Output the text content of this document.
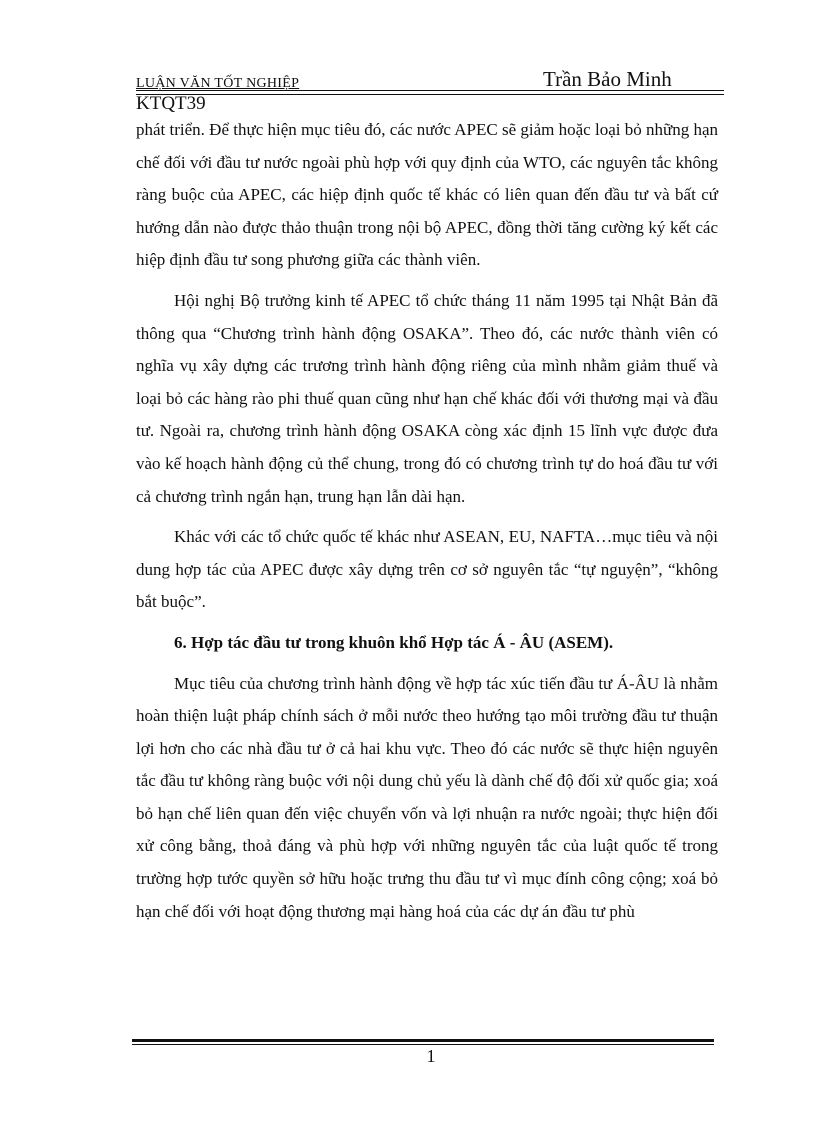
LUẬN VĂN TỐT NGHIỆP	Trần Bảo Minh
KTQT39

phát triển. Để thực hiện mục tiêu đó, các nước APEC sẽ giảm hoặc loại bỏ những hạn chế đối với đầu tư nước ngoài phù hợp với quy định của WTO, các nguyên tắc không ràng buộc của APEC, các hiệp định quốc tế khác có liên quan đến đầu tư và bất cứ hướng dẫn nào được thảo thuận trong nội bộ APEC, đồng thời tăng cường ký kết các hiệp định đầu tư song phương giữa các thành viên.

Hội nghị Bộ trưởng kinh tế APEC tổ chức tháng 11 năm 1995 tại Nhật Bản đã thông qua “Chương trình hành động OSAKA”. Theo đó, các nước thành viên có nghĩa vụ xây dựng các trương trình hành động riêng của mình nhằm giảm thuế và loại bỏ các hàng rào phi thuế quan cũng như hạn chế khác đối với thương mại và đầu tư. Ngoài ra, chương trình hành động OSAKA còng xác định 15 lĩnh vực được đưa vào kế hoạch hành động củ thể chung, trong đó có chương trình tự do hoá đầu tư với cả chương trình ngắn hạn, trung hạn lẫn dài hạn.

Khác với các tổ chức quốc tế khác như ASEAN, EU, NAFTA…mục tiêu và nội dung hợp tác của APEC được xây dựng trên cơ sở nguyên tắc “tự nguyện”, “không bắt buộc”.

6. Hợp tác đầu tư trong khuôn khổ Hợp tác Á - ÂU (ASEM).

Mục tiêu của chương trình hành động về hợp tác xúc tiến đầu tư Á-ÂU là nhằm hoàn thiện luật pháp chính sách ở mỗi nước theo hướng tạo môi trường đầu tư thuận lợi hơn cho các nhà đầu tư ở cả hai khu vực. Theo đó các nước sẽ thực hiện nguyên tắc đầu tư không ràng buộc với nội dung chủ yếu là dành chế độ đối xử quốc gia; xoá bỏ hạn chế liên quan đến việc chuyển vốn và lợi nhuận ra nước ngoài; thực hiện đối xử công bằng, thoả đáng và phù hợp với những nguyên tắc của luật quốc tế trong trường hợp tước quyền sở hữu hoặc trưng thu đầu tư vì mục đính công cộng; xoá bỏ hạn chế đối với hoạt động thương mại hàng hoá của các dự án đầu tư phù

1
